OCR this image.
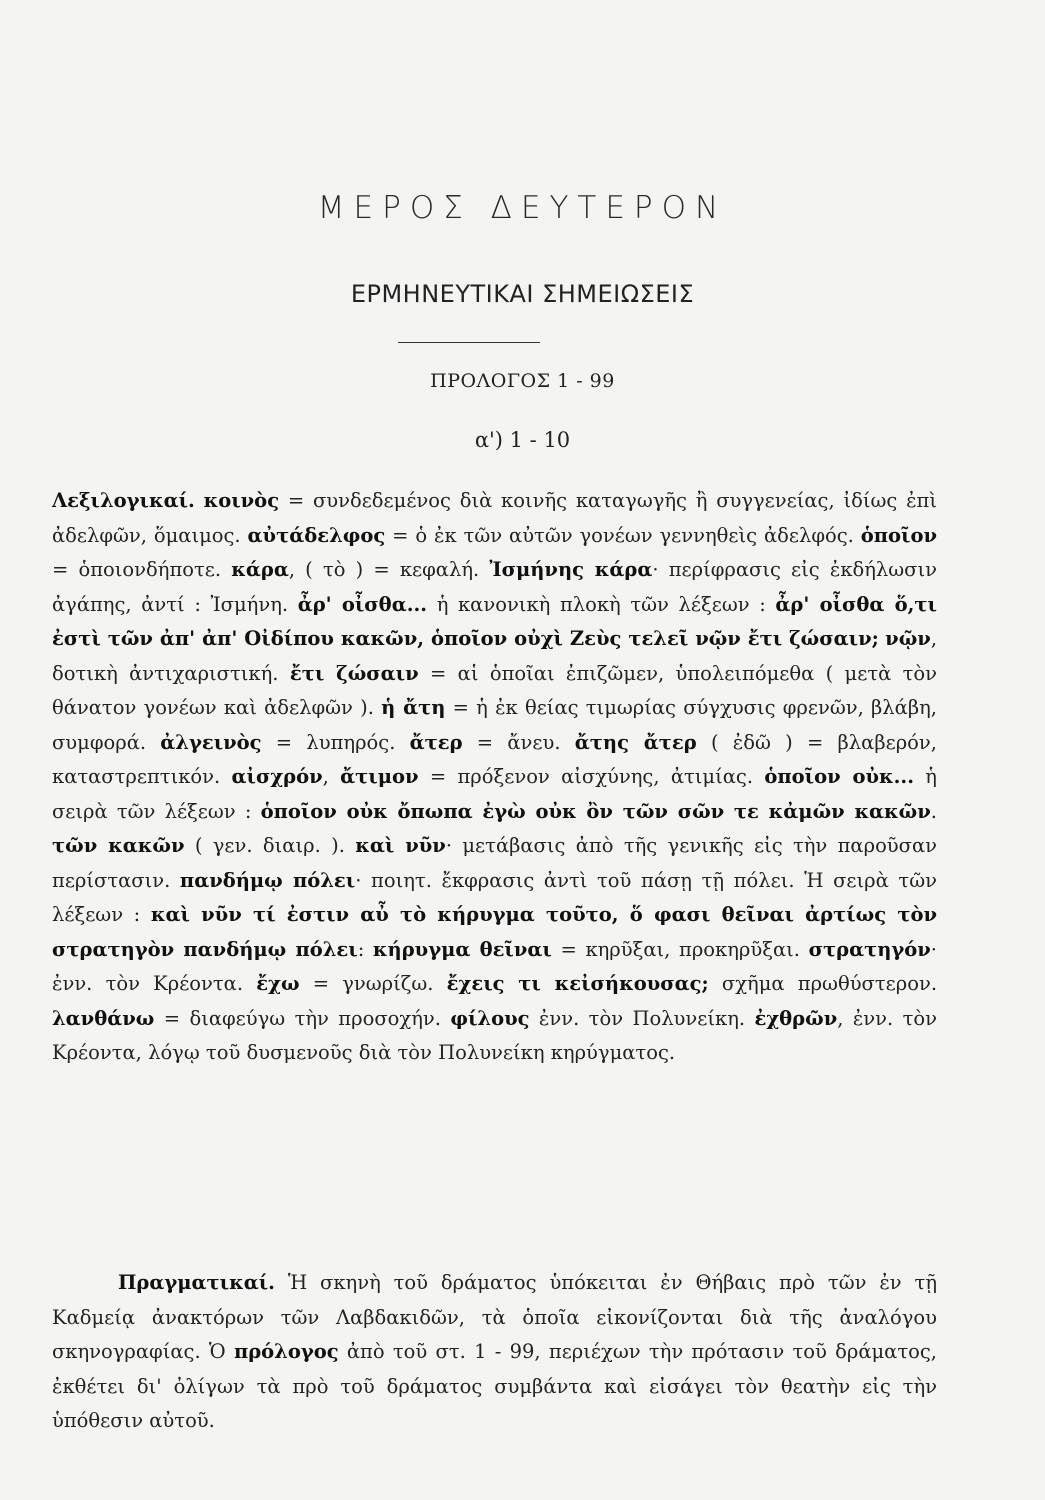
ΜΕΡΟΣ ΔΕΥΤΕΡΟΝ
ΕΡΜΗΝΕΥΤΙΚΑΙ ΣΗΜΕΙΩΣΕΙΣ
ΠΡΟΛΟΓΟΣ 1 - 99
α') 1 - 10

Λεξιλογικαί. κοινὸς = συνδεδεμένος διὰ κοινῆς καταγωγῆς ἢ συγγενείας, ἰδίως ἐπὶ ἀδελφῶν, ὅμαιμος. αὐτάδελφος = ὁ ἐκ τῶν αὐτῶν γονέων γεννηθεὶς ἀδελφός. ὁποῖον = ὁποιονδήποτε. κάρα, ( τὸ ) = κεφαλή. Ἰσμήνης κάρα· περίφρασις εἰς ἐκδήλωσιν ἀγάπης, ἀντί : Ἰσμήνη. ἆρ' οἶσθα... ἡ κανονικὴ πλοκὴ τῶν λέξεων : ἆρ' οἶσθα ὅ,τι ἐστὶ τῶν ἀπ' ἀπ' Οἰδίπου κακῶν, ὁποῖον οὐχὶ Ζεὺς τελεῖ νῷν ἔτι ζώσαιν; νῷν, δοτικὴ ἀντιχαριστική. ἔτι ζώσαιν = αἱ ὁποῖαι ἐπιζῶμεν, ὑπολειπόμεθα ( μετὰ τὸν θάνατον γονέων καὶ ἀδελφῶν ). ἡ ἄτη = ἡ ἐκ θείας τιμωρίας σύγχυσις φρενῶν, βλάβη, συμφορά. ἀλγεινὸς = λυπηρός. ἄτερ = ἄνευ. ἄτης ἄτερ ( ἐδῶ ) = βλαβερόν, καταστρεπτικόν. αἰσχρόν, ἄτιμον = πρόξενον αἰσχύνης, ἀτιμίας. ὁποῖον οὐκ... ἡ σειρὰ τῶν λέξεων : ὁποῖον οὐκ ὄπωπα ἐγὼ οὐκ ὂν τῶν σῶν τε κἀμῶν κακῶν. τῶν κακῶν ( γεν. διαιρ. ). καὶ νῦν· μετάβασις ἀπὸ τῆς γενικῆς εἰς τὴν παροῦσαν περίστασιν. πανδήμῳ πόλει· ποιητ. ἔκφρασις ἀντὶ τοῦ πάσῃ τῇ πόλει. Ἡ σειρὰ τῶν λέξεων : καὶ νῦν τί ἐστιν αὖ τὸ κήρυγμα τοῦτο, ὅ φασι θεῖναι ἀρτίως τὸν στρατηγὸν πανδήμῳ πόλει: κήρυγμα θεῖναι = κηρῦξαι, προκηρῦξαι. στρατηγόν· ἐνν. τὸν Κρέοντα. ἔχω = γνωρίζω. ἔχεις τι κεἰσήκουσας; σχῆμα πρωθύστερον. λανθάνω = διαφεύγω τὴν προσοχήν. φίλους ἐνν. τὸν Πολυνείκη. ἐχθρῶν, ἐνν. τὸν Κρέοντα, λόγῳ τοῦ δυσμενοῦς διὰ τὸν Πολυνείκη κηρύγματος.

Πραγματικαί. Ἡ σκηνὴ τοῦ δράματος ὑπόκειται ἐν Θήβαις πρὸ τῶν ἐν τῇ Καδμείᾳ ἀνακτόρων τῶν Λαβδακιδῶν, τὰ ὁποῖα εἰκονίζονται διὰ τῆς ἀναλόγου σκηνογραφίας. Ὁ πρόλογος ἀπὸ τοῦ στ. 1 - 99, περιέχων τὴν πρότασιν τοῦ δράματος, ἐκθέτει δι' ὀλίγων τὰ πρὸ τοῦ δράματος συμβάντα καὶ εἰσάγει τὸν θεατὴν εἰς τὴν ὑπόθεσιν αὐτοῦ.
